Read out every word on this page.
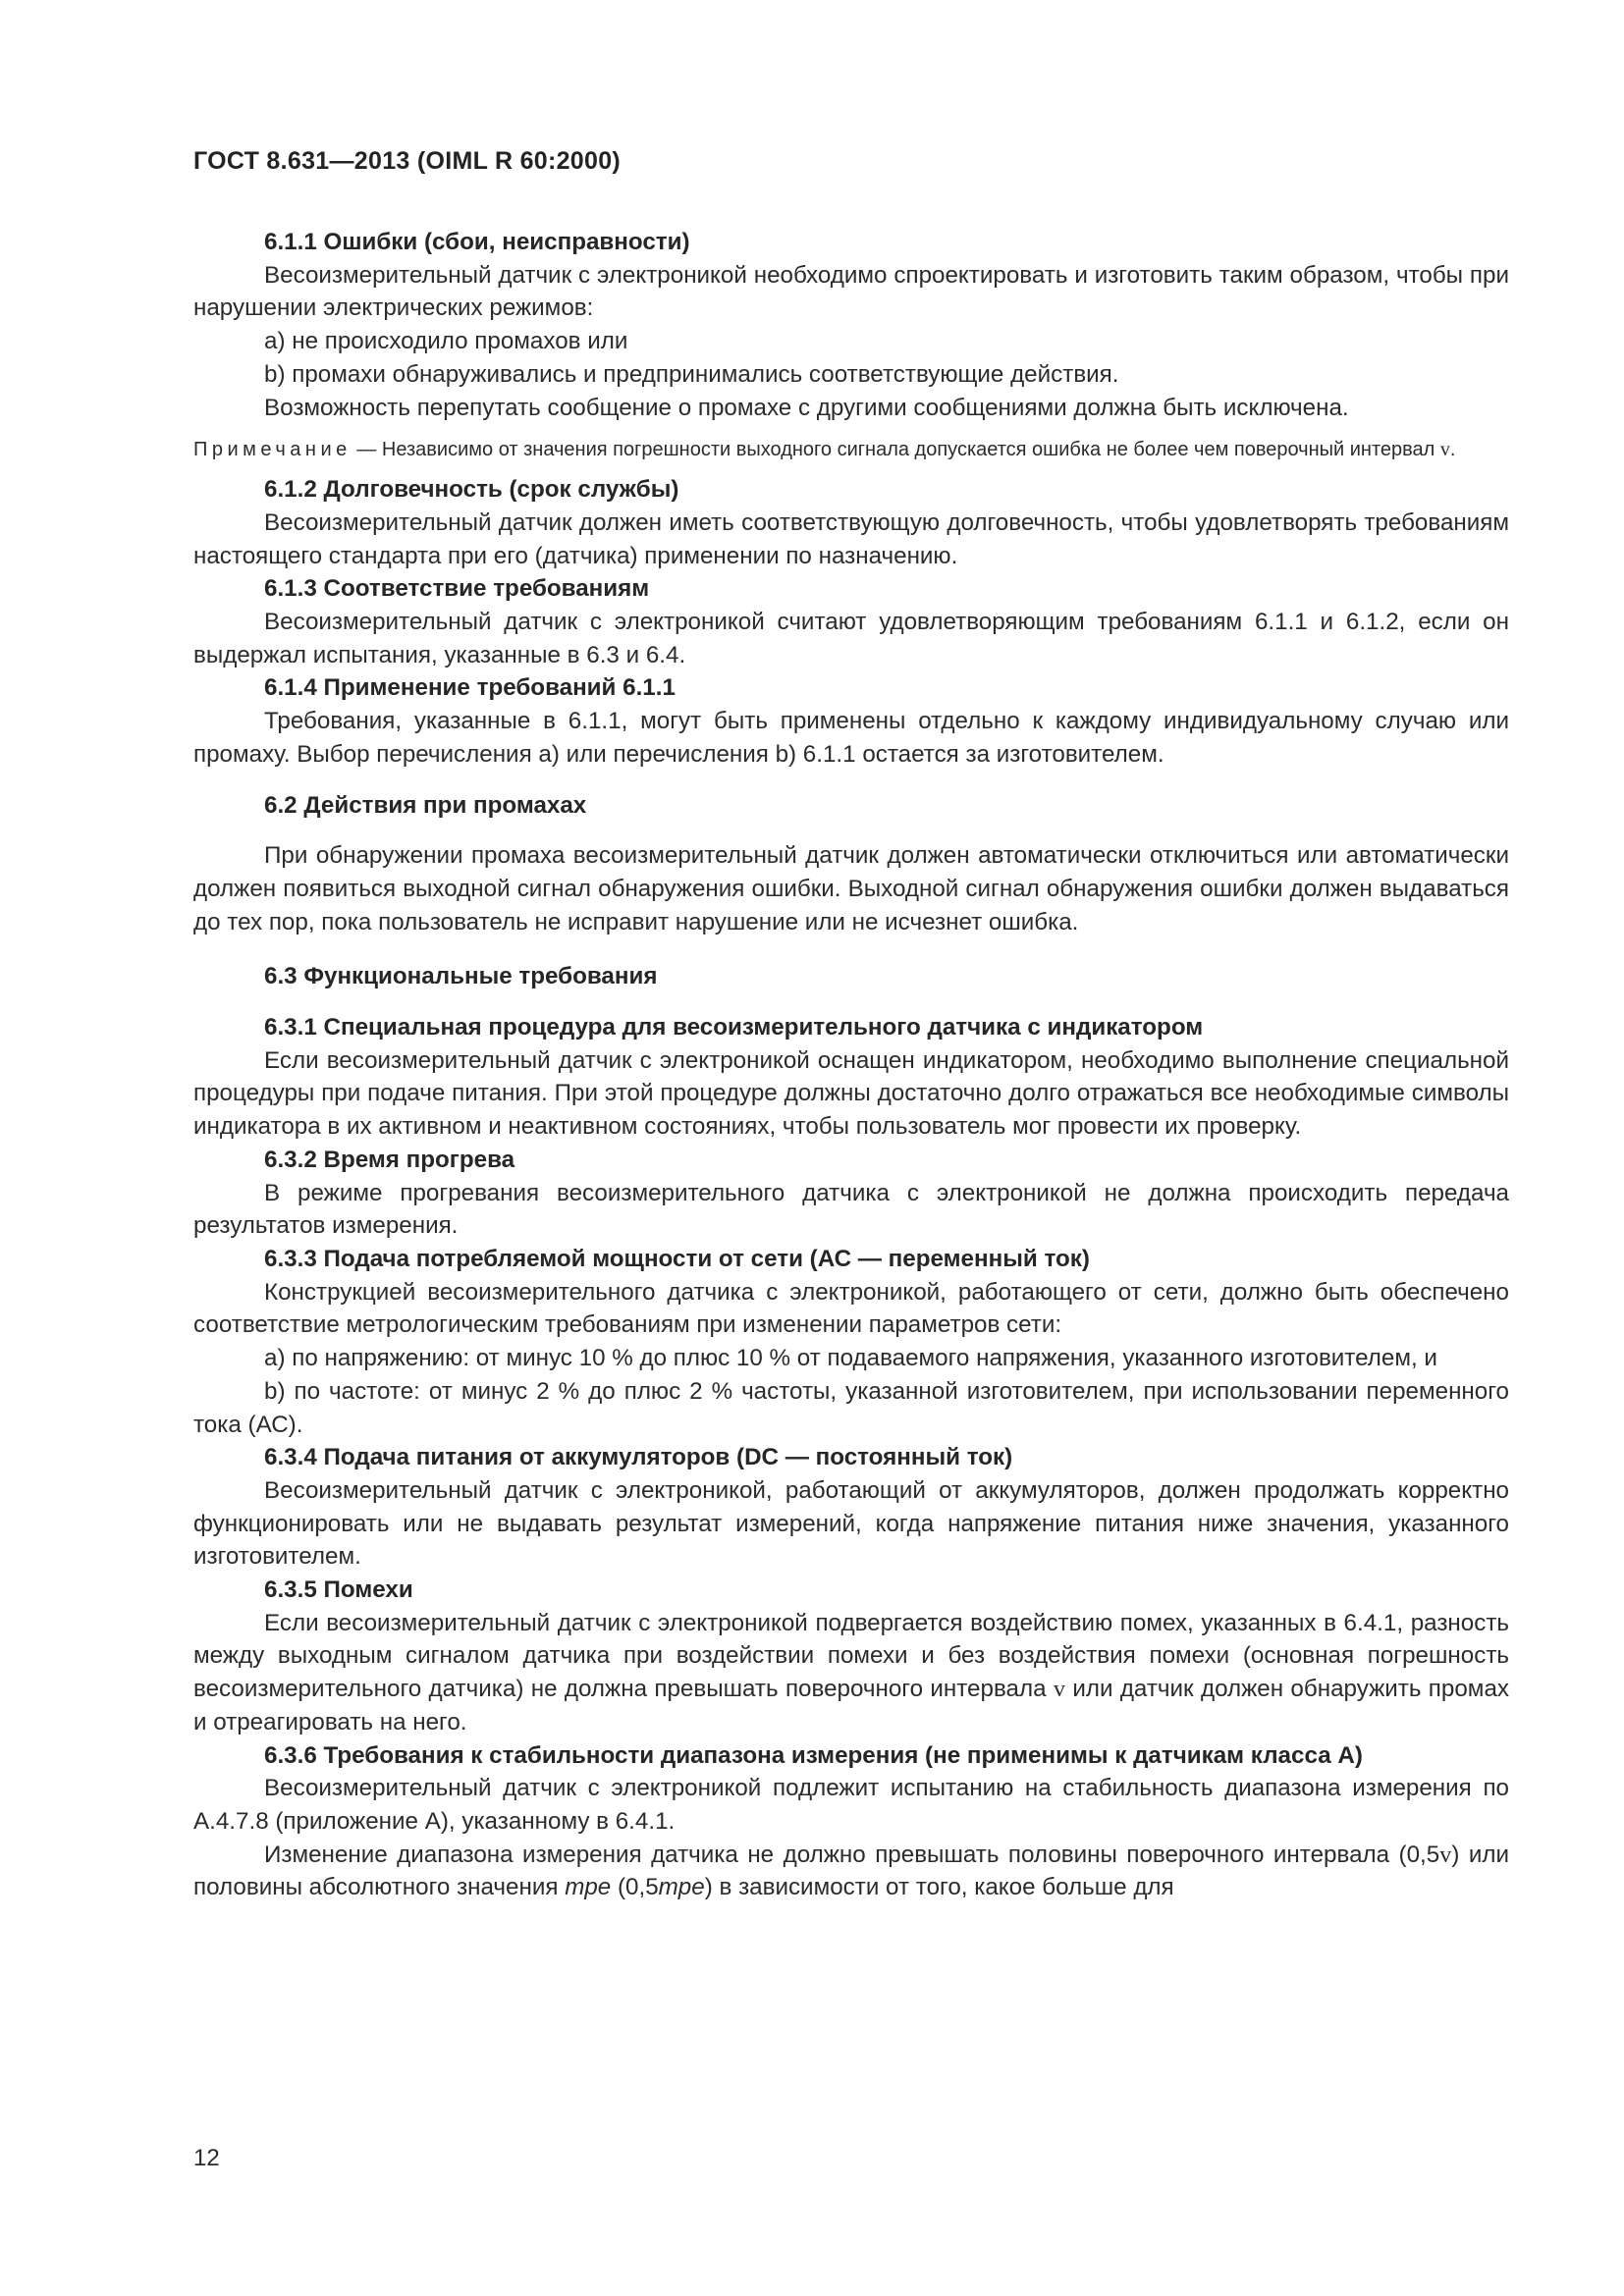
ГОСТ 8.631—2013 (OIML R 60:2000)

6.1.1 Ошибки (сбои, неисправности)

Весоизмерительный датчик с электроникой необходимо спроектировать и изготовить таким образом, чтобы при нарушении электрических режимов:

a) не происходило промахов или

b) промахи обнаруживались и предпринимались соответствующие действия.

Возможность перепутать сообщение о промахе с другими сообщениями должна быть исключена.

Примечание — Независимо от значения погрешности выходного сигнала допускается ошибка не более чем поверочный интервал v.

6.1.2 Долговечность (срок службы)

Весоизмерительный датчик должен иметь соответствующую долговечность, чтобы удовлетворять требованиям настоящего стандарта при его (датчика) применении по назначению.

6.1.3 Соответствие требованиям

Весоизмерительный датчик с электроникой считают удовлетворяющим требованиям 6.1.1 и 6.1.2, если он выдержал испытания, указанные в 6.3 и 6.4.

6.1.4 Применение требований 6.1.1

Требования, указанные в 6.1.1, могут быть применены отдельно к каждому индивидуальному случаю или промаху. Выбор перечисления a) или перечисления b) 6.1.1 остается за изготовителем.

6.2 Действия при промахах

При обнаружении промаха весоизмерительный датчик должен автоматически отключиться или автоматически должен появиться выходной сигнал обнаружения ошибки. Выходной сигнал обнаружения ошибки должен выдаваться до тех пор, пока пользователь не исправит нарушение или не исчезнет ошибка.

6.3 Функциональные требования

6.3.1 Специальная процедура для весоизмерительного датчика с индикатором

Если весоизмерительный датчик с электроникой оснащен индикатором, необходимо выполнение специальной процедуры при подаче питания. При этой процедуре должны достаточно долго отражаться все необходимые символы индикатора в их активном и неактивном состояниях, чтобы пользователь мог провести их проверку.

6.3.2 Время прогрева

В режиме прогревания весоизмерительного датчика с электроникой не должна происходить передача результатов измерения.

6.3.3 Подача потребляемой мощности от сети (АС — переменный ток)

Конструкцией весоизмерительного датчика с электроникой, работающего от сети, должно быть обеспечено соответствие метрологическим требованиям при изменении параметров сети:

a) по напряжению: от минус 10 % до плюс 10 % от подаваемого напряжения, указанного изготовителем, и

b) по частоте: от минус 2 % до плюс 2 % частоты, указанной изготовителем, при использовании переменного тока (АС).

6.3.4 Подача питания от аккумуляторов (DC — постоянный ток)

Весоизмерительный датчик с электроникой, работающий от аккумуляторов, должен продолжать корректно функционировать или не выдавать результат измерений, когда напряжение питания ниже значения, указанного изготовителем.

6.3.5 Помехи

Если весоизмерительный датчик с электроникой подвергается воздействию помех, указанных в 6.4.1, разность между выходным сигналом датчика при воздействии помехи и без воздействия помехи (основная погрешность весоизмерительного датчика) не должна превышать поверочного интервала v или датчик должен обнаружить промах и отреагировать на него.

6.3.6 Требования к стабильности диапазона измерения (не применимы к датчикам класса А)

Весоизмерительный датчик с электроникой подлежит испытанию на стабильность диапазона измерения по А.4.7.8 (приложение А), указанному в 6.4.1.

Изменение диапазона измерения датчика не должно превышать половины поверочного интервала (0,5v) или половины абсолютного значения mpe (0,5mpe) в зависимости от того, какое больше для

12
